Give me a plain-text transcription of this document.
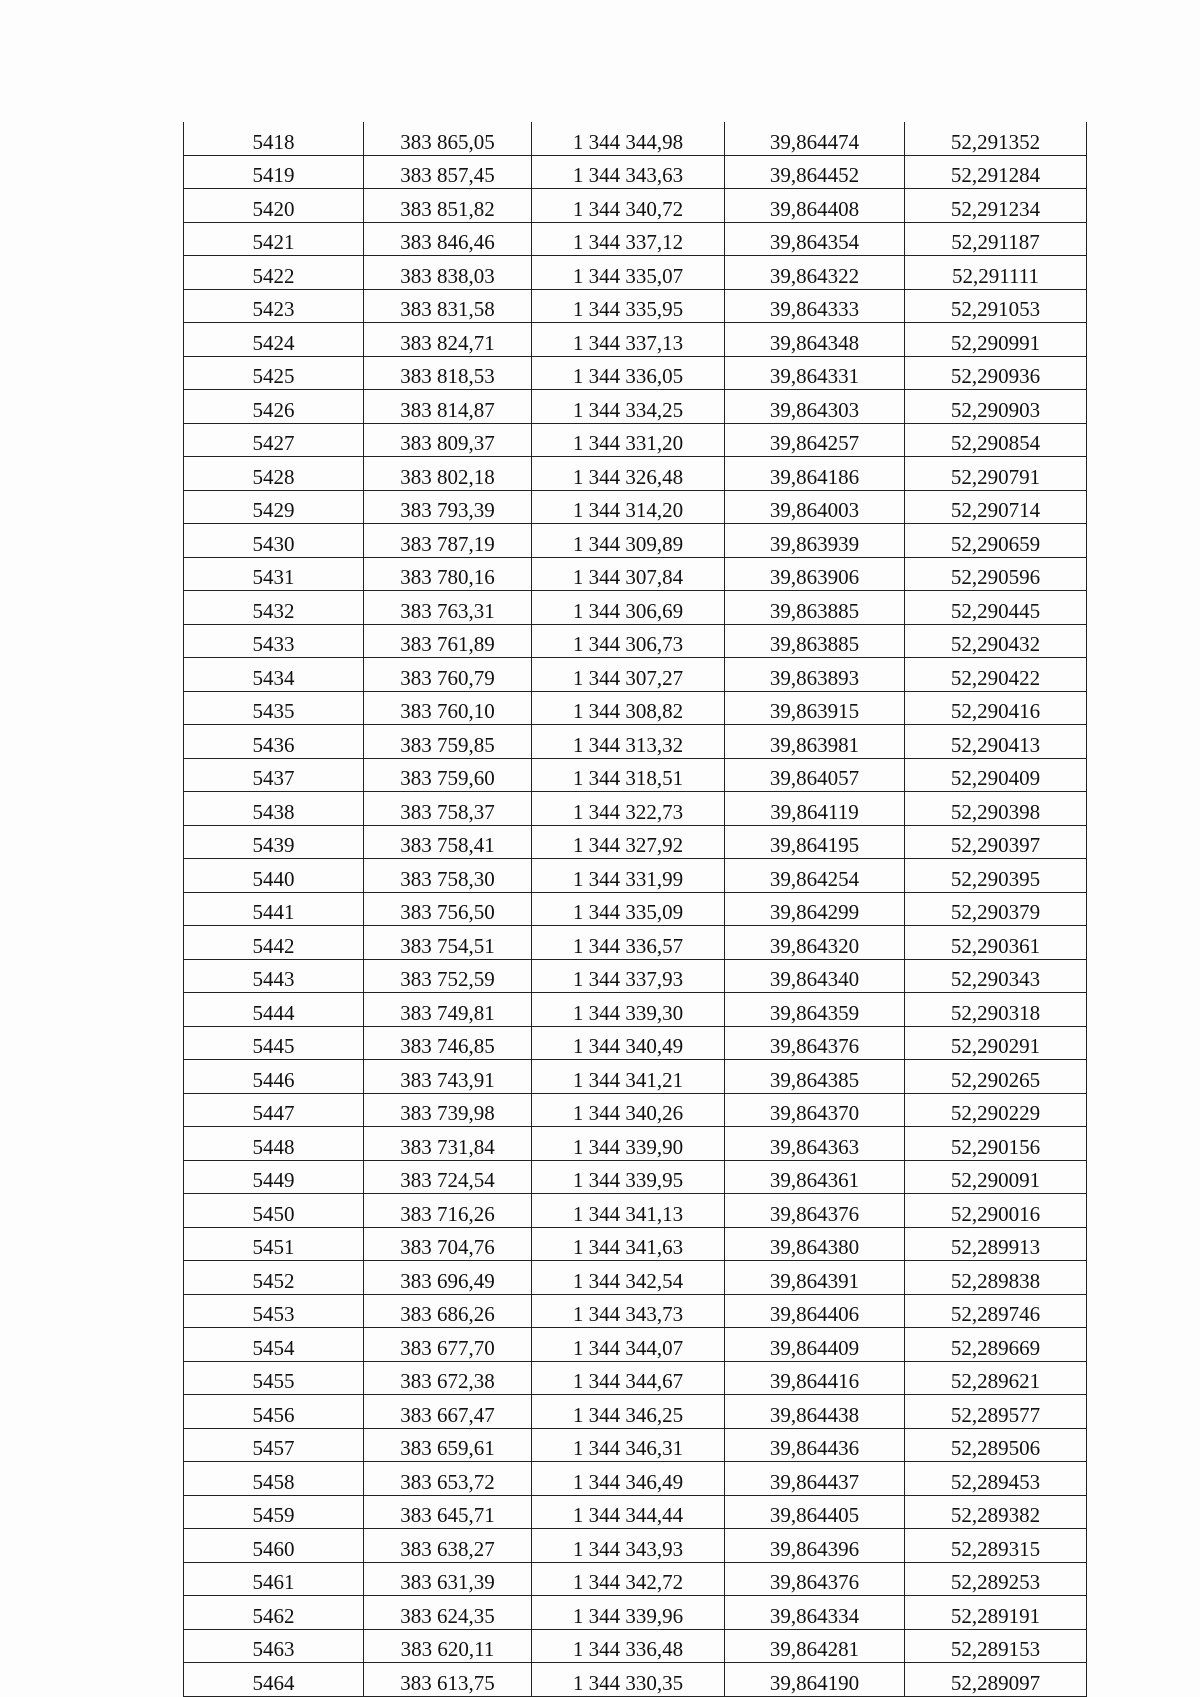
5418	383 865,05	1 344 344,98	39,864474	52,291352
5419	383 857,45	1 344 343,63	39,864452	52,291284
5420	383 851,82	1 344 340,72	39,864408	52,291234
5421	383 846,46	1 344 337,12	39,864354	52,291187
5422	383 838,03	1 344 335,07	39,864322	52,291111
5423	383 831,58	1 344 335,95	39,864333	52,291053
5424	383 824,71	1 344 337,13	39,864348	52,290991
5425	383 818,53	1 344 336,05	39,864331	52,290936
5426	383 814,87	1 344 334,25	39,864303	52,290903
5427	383 809,37	1 344 331,20	39,864257	52,290854
5428	383 802,18	1 344 326,48	39,864186	52,290791
5429	383 793,39	1 344 314,20	39,864003	52,290714
5430	383 787,19	1 344 309,89	39,863939	52,290659
5431	383 780,16	1 344 307,84	39,863906	52,290596
5432	383 763,31	1 344 306,69	39,863885	52,290445
5433	383 761,89	1 344 306,73	39,863885	52,290432
5434	383 760,79	1 344 307,27	39,863893	52,290422
5435	383 760,10	1 344 308,82	39,863915	52,290416
5436	383 759,85	1 344 313,32	39,863981	52,290413
5437	383 759,60	1 344 318,51	39,864057	52,290409
5438	383 758,37	1 344 322,73	39,864119	52,290398
5439	383 758,41	1 344 327,92	39,864195	52,290397
5440	383 758,30	1 344 331,99	39,864254	52,290395
5441	383 756,50	1 344 335,09	39,864299	52,290379
5442	383 754,51	1 344 336,57	39,864320	52,290361
5443	383 752,59	1 344 337,93	39,864340	52,290343
5444	383 749,81	1 344 339,30	39,864359	52,290318
5445	383 746,85	1 344 340,49	39,864376	52,290291
5446	383 743,91	1 344 341,21	39,864385	52,290265
5447	383 739,98	1 344 340,26	39,864370	52,290229
5448	383 731,84	1 344 339,90	39,864363	52,290156
5449	383 724,54	1 344 339,95	39,864361	52,290091
5450	383 716,26	1 344 341,13	39,864376	52,290016
5451	383 704,76	1 344 341,63	39,864380	52,289913
5452	383 696,49	1 344 342,54	39,864391	52,289838
5453	383 686,26	1 344 343,73	39,864406	52,289746
5454	383 677,70	1 344 344,07	39,864409	52,289669
5455	383 672,38	1 344 344,67	39,864416	52,289621
5456	383 667,47	1 344 346,25	39,864438	52,289577
5457	383 659,61	1 344 346,31	39,864436	52,289506
5458	383 653,72	1 344 346,49	39,864437	52,289453
5459	383 645,71	1 344 344,44	39,864405	52,289382
5460	383 638,27	1 344 343,93	39,864396	52,289315
5461	383 631,39	1 344 342,72	39,864376	52,289253
5462	383 624,35	1 344 339,96	39,864334	52,289191
5463	383 620,11	1 344 336,48	39,864281	52,289153
5464	383 613,75	1 344 330,35	39,864190	52,289097
